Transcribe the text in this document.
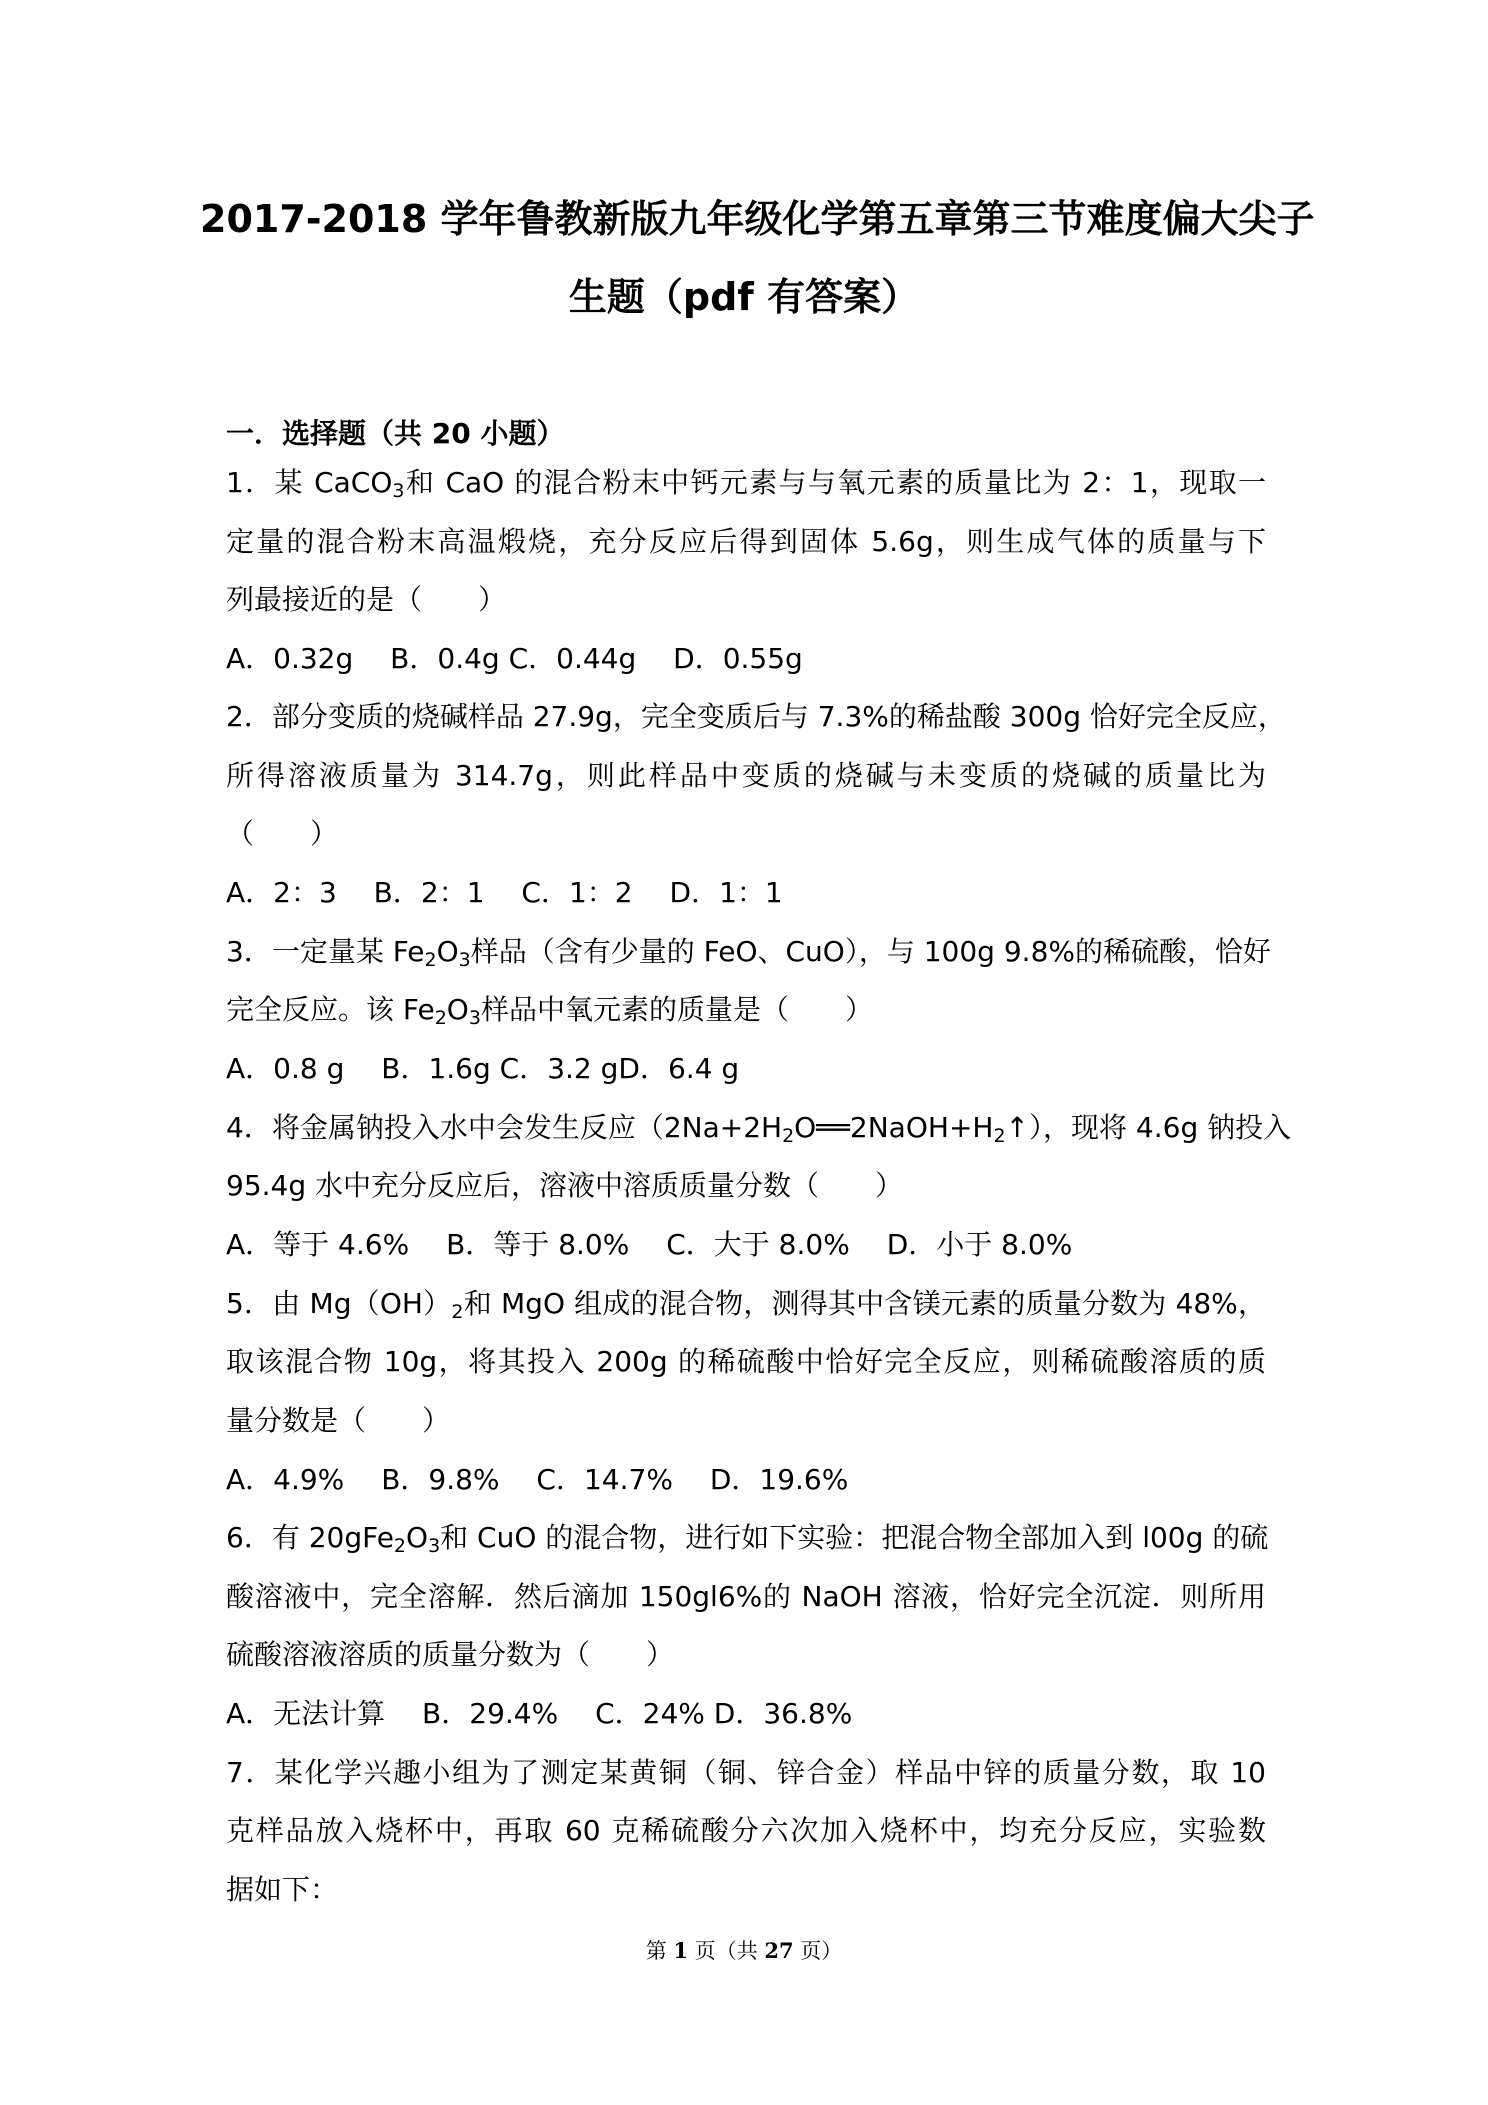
2017-2018 学年鲁教新版九年级化学第五章第三节难度偏大尖子
生题（pdf 有答案）
一．选择题（共 20 小题）
1．某 CaCO$_3$和 CaO 的混合粉末中钙元素与与氧元素的质量比为 2：1，现取一
定量的混合粉末高温煅烧，充分反应后得到固体 5.6g，则生成气体的质量与下
列最接近的是（　　）
A．0.32g　 B．0.4g C．0.44g　 D．0.55g
2．部分变质的烧碱样品 27.9g，完全变质后与 7.3%的稀盐酸 300g 恰好完全反应，
所得溶液质量为 314.7g，则此样品中变质的烧碱与未变质的烧碱的质量比为
（　　）
A．2：3　 B．2：1　 C．1：2　 D．1：1
3．一定量某 $Fe_2O_3$样品（含有少量的 FeO、CuO），与 100g 9.8%的稀硫酸，恰好
完全反应。该 $Fe_2O_3$样品中氧元素的质量是（　　）
A．0.8 g　 B．1.6g C．3.2 gD．6.4 g
4．将金属钠投入水中会发生反应$(2Na+2H_2O══2NaOH+H_2↑)$，现将 4.6g 钠投入
95.4g 水中充分反应后，溶液中溶质质量分数（　　）
A．等于 4.6%　 B．等于 8.0%　 C．大于 8.0%　 D．小于 8.0%
5．由 $Mg(OH)_2$和 MgO 组成的混合物，测得其中含镁元素的质量分数为 48%，
取该混合物 10g，将其投入 200g 的稀硫酸中恰好完全反应，则稀硫酸溶质的质
量分数是（　　）
A．4.9%　 B．9.8%　 C．14.7%　 D．19.6%
6．有 $20gFe_2O_3$和 CuO 的混合物，进行如下实验：把混合物全部加入到 l00g 的硫
酸溶液中，完全溶解．然后滴加 150gl6%的 NaOH 溶液，恰好完全沉淀．则所用
硫酸溶液溶质的质量分数为（　　）
A．无法计算　 B．29.4%　 C．24% D．36.8%
7．某化学兴趣小组为了测定某黄铜（铜、锌合金）样品中锌的质量分数，取 10
克样品放入烧杯中，再取 60 克稀硫酸分六次加入烧杯中，均充分反应，实验数
据如下：
第 1 页（共 27 页）
